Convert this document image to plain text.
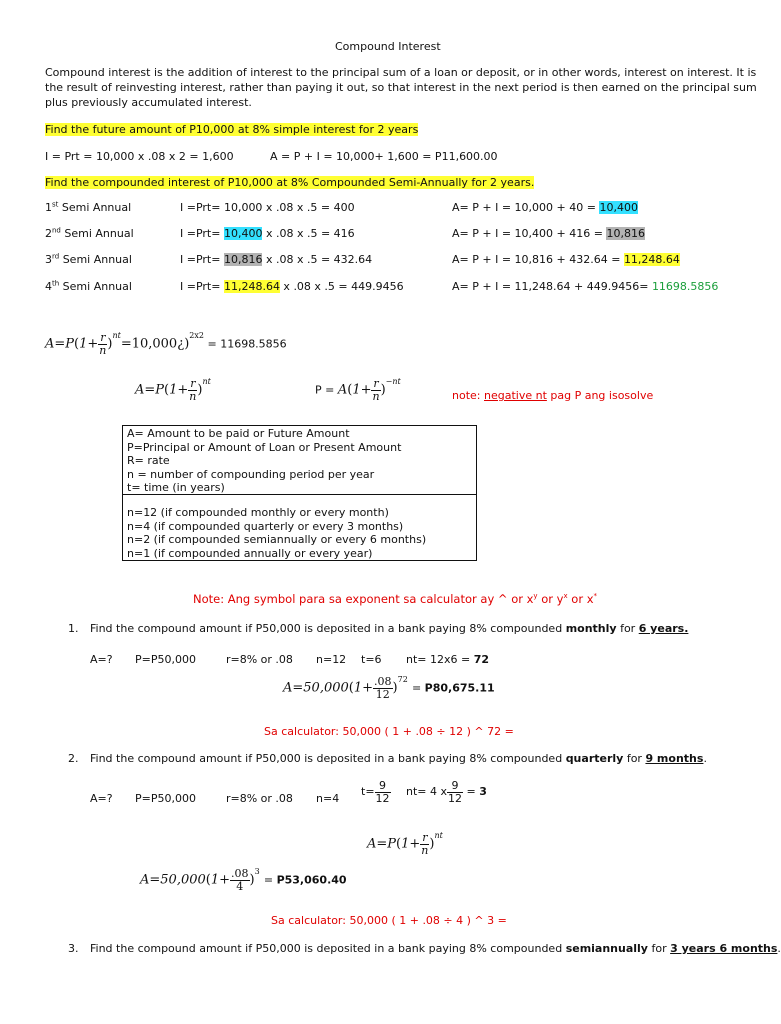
Compound Interest
Compound interest is the addition of interest to the principal sum of a loan or deposit, or in other words, interest on interest. It is
the result of reinvesting interest, rather than paying it out, so that interest in the next period is then earned on the principal sum
plus previously accumulated interest.
Find the future amount of P10,000 at 8% simple interest for 2 years
I = Prt = 10,000 x .08 x 2 = 1,600	A = P + I = 10,000+ 1,600 = P11,600.00
Find the compounded interest of P10,000 at 8% Compounded Semi-Annually for 2 years.
1st Semi Annual	I =Prt= 10,000 x .08 x .5 = 400	A= P + I = 10,000 + 40 = 10,400
2nd Semi Annual	I =Prt= 10,400 x .08 x .5 = 416	A= P + I = 10,400 + 416 = 10,816
3rd Semi Annual	I =Prt= 10,816 x .08 x .5 = 432.64	A= P + I = 10,816 + 432.64 = 11,248.64
4th Semi Annual	I =Prt= 11,248.64 x .08 x .5 = 449.9456	A= P + I = 11,248.64 + 449.9456= 11698.5856
$A=P(1+ \frac{r}{n}$ )$^{nt}=10,000¿)^{2x2} = 11698.5856$
$A=P(1+ \frac{r}{n} )^{nt}$
$P = A(1+ \frac{r}{n} )^{-nt}$
note: negative nt pag P ang isosolve
A= Amount to be paid or Future Amount
P=Principal or Amount of Loan or Present Amount
R= rate
n = number of compounding period per year
t= time (in years)
n=12 (if compounded monthly or every month)
n=4 (if compounded quarterly or every 3 months)
n=2 (if compounded semiannually or every 6 months)
n=1 (if compounded annually or every year)
Note: Ang symbol para sa exponent sa calculator ay ^ or $x^y$ or $y^x$ or x*
1. Find the compound amount if P50,000 is deposited in a bank paying 8% compounded monthly for 6 years.
A=? P=P50,000	r=8% or .08 n=12 t=6 nt= 12x6 = 72
$A=50,000(1+ \frac{.08}{12} )^{72} = P80,675.11$
Sa calculator: 50,000 ( 1 + .08 ÷ 12 ) ^ 72 =
2. Find the compound amount if P50,000 is deposited in a bank paying 8% compounded quarterly for 9 months.
A=? P=P50,000	r=8% or .08 n=4
$t= \frac{9}{12} nt= 4$ x $\frac{9}{12} = 3$
$A=P(1+ \frac{r}{n} )^{nt}$
$A=50,000(1+ \frac{.08}{4} )^3 = P53,060.40$
Sa calculator: 50,000 ( 1 + .08 ÷ 4 ) ^ 3 =
3. Find the compound amount if P50,000 is deposited in a bank paying 8% compounded semiannually for 3 years 6 months.
